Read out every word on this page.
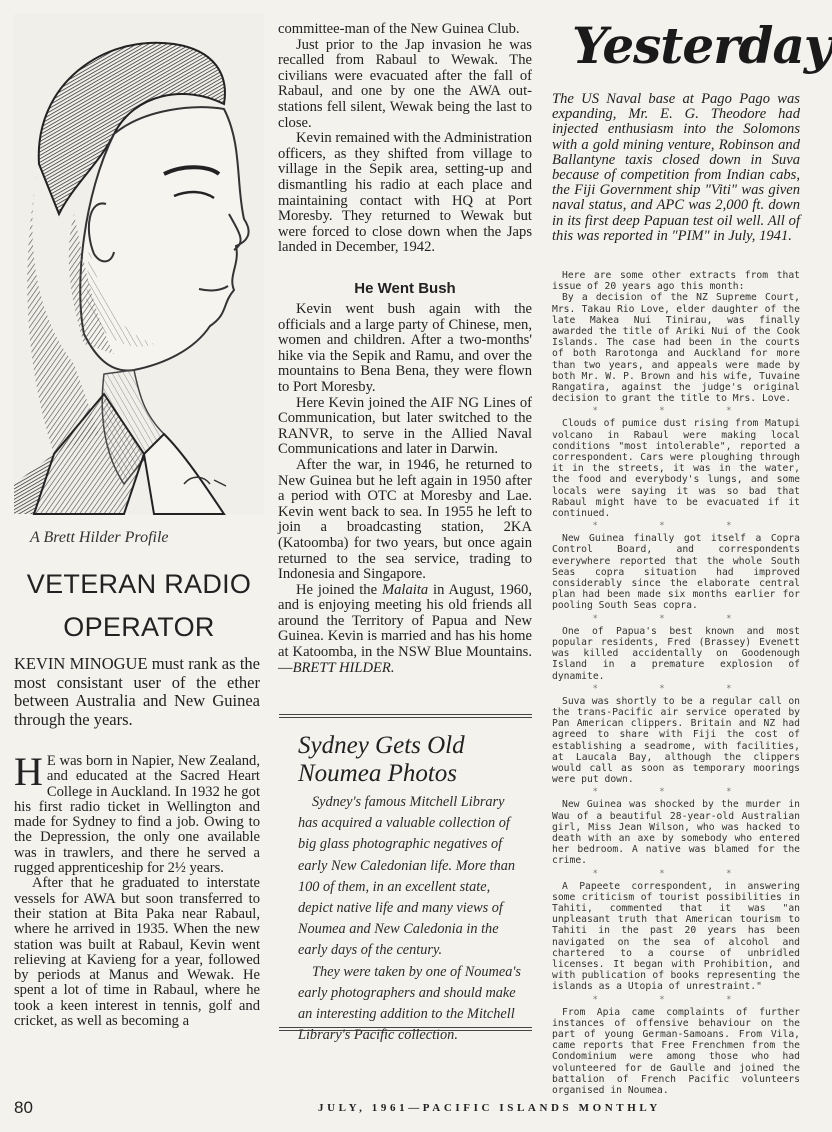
A Brett Hilder Profile
VETERAN RADIO
OPERATOR

KEVIN MINOGUE must rank as the most consistant user of the ether between Australia and New Guinea through the years.

H E was born in Napier, New Zealand, and educated at the Sacred Heart College in Auckland. In 1932 he got his first radio ticket in Wellington and made for Sydney to find a job. Owing to the Depression, the only one available was in trawlers, and there he served a rugged apprenticeship for 2½ years.

After that he graduated to interstate vessels for AWA but soon transferred to their station at Bita Paka near Rabaul, where he arrived in 1935. When the new station was built at Rabaul, Kevin went relieving at Kavieng for a year, followed by periods at Manus and Wewak. He spent a lot of time in Rabaul, where he took a keen interest in tennis, golf and cricket, as well as becoming a

committee-man of the New Guinea Club.

Just prior to the Jap invasion he was recalled from Rabaul to Wewak. The civilians were evacuated after the fall of Rabaul, and one by one the AWA out-stations fell silent, Wewak being the last to close.

Kevin remained with the Administration officers, as they shifted from village to village in the Sepik area, setting-up and dismantling his radio at each place and maintaining contact with HQ at Port Moresby. They returned to Wewak but were forced to close down when the Japs landed in December, 1942.

He Went Bush

Kevin went bush again with the officials and a large party of Chinese, men, women and children. After a two-months' hike via the Sepik and Ramu, and over the mountains to Bena Bena, they were flown to Port Moresby.

Here Kevin joined the AIF NG Lines of Communication, but later switched to the RANVR, to serve in the Allied Naval Communications and later in Darwin.

After the war, in 1946, he returned to New Guinea but he left again in 1950 after a period with OTC at Moresby and Lae. Kevin went back to sea. In 1955 he left to join a broadcasting station, 2KA (Katoomba) for two years, but once again returned to the sea service, trading to Indonesia and Singapore.

He joined the Malaita in August, 1960, and is enjoying meeting his old friends all around the Territory of Papua and New Guinea. Kevin is married and has his home at Katoomba, in the NSW Blue Mountains.—BRETT HILDER.

Sydney Gets Old
Noumea Photos

Sydney's famous Mitchell Library has acquired a valuable collection of big glass photographic negatives of early New Caledonian life. More than 100 of them, in an excellent state, depict native life and many views of Noumea and New Caledonia in the early days of the century.

They were taken by one of Noumea's early photographers and should make an interesting addition to the Mitchell Library's Pacific collection.

Yesterday

The US Naval base at Pago Pago was expanding, Mr. E. G. Theodore had injected enthusiasm into the Solomons with a gold mining venture, Robinson and Ballantyne taxis closed down in Suva because of competition from Indian cabs, the Fiji Government ship "Viti" was given naval status, and APC was 2,000 ft. down in its first deep Papuan test oil well. All of this was reported in "PIM" in July, 1941.

Here are some other extracts from that issue of 20 years ago this month:

By a decision of the NZ Supreme Court, Mrs. Takau Rio Love, elder daughter of the late Makea Nui Tinirau, was finally awarded the title of Ariki Nui of the Cook Islands. The case had been in the courts of both Rarotonga and Auckland for more than two years, and appeals were made by both Mr. W. P. Brown and his wife, Tuvaine Rangatira, against the judge's original decision to grant the title to Mrs. Love.

* * *

Clouds of pumice dust rising from Matupi volcano in Rabaul were making local conditions "most intolerable", reported a correspondent. Cars were ploughing through it in the streets, it was in the water, the food and everybody's lungs, and some locals were saying it was so bad that Rabaul might have to be evacuated if it continued.

* * *

New Guinea finally got itself a Copra Control Board, and correspondents everywhere reported that the whole South Seas copra situation had improved considerably since the elaborate central plan had been made six months earlier for pooling South Seas copra.

* * *

One of Papua's best known and most popular residents, Fred (Brassey) Evenett was killed accidentally on Goodenough Island in a premature explosion of dynamite.

* * *

Suva was shortly to be a regular call on the trans-Pacific air service operated by Pan American clippers. Britain and NZ had agreed to share with Fiji the cost of establishing a seadrome, with facilities, at Laucala Bay, although the clippers would call as soon as temporary moorings were put down.

* * *

New Guinea was shocked by the murder in Wau of a beautiful 28-year-old Australian girl, Miss Jean Wilson, who was hacked to death with an axe by somebody who entered her bedroom. A native was blamed for the crime.

* * *

A Papeete correspondent, in answering some criticism of tourist possibilities in Tahiti, commented that it was "an unpleasant truth that American tourism to Tahiti in the past 20 years has been navigated on the sea of alcohol and chartered to a course of unbridled licenses. It began with Prohibition, and with publication of books representing the islands as a Utopia of unrestraint."

* * *

From Apia came complaints of further instances of offensive behaviour on the part of young German-Samoans. From Vila, came reports that Free Frenchmen from the Condominium were among those who had volunteered for de Gaulle and joined the battalion of French Pacific volunteers organised in Noumea.

80	JULY, 1961—PACIFIC ISLANDS MONTHLY
